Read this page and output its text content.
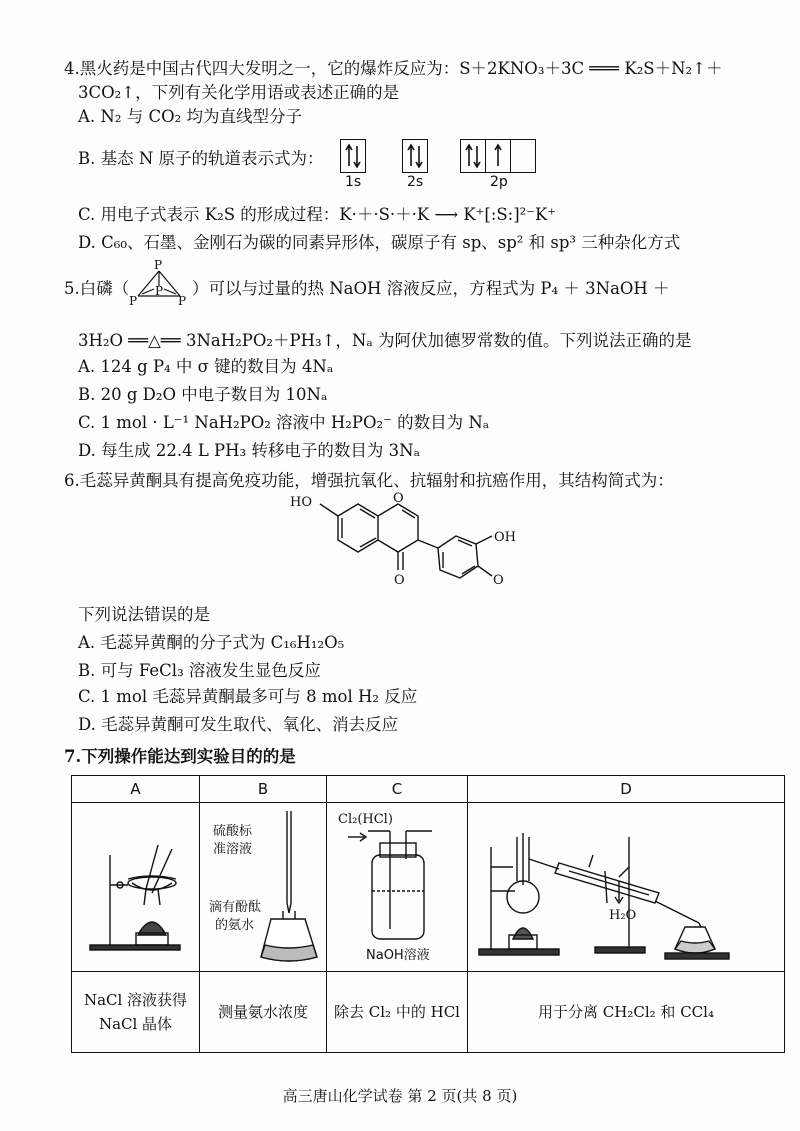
4.黑火药是中国古代四大发明之一，它的爆炸反应为：S＋2KNO₃＋3C ═══ K₂S＋N₂↑＋
3CO₂↑，下列有关化学用语或表述正确的是
A. N₂ 与 CO₂ 均为直线型分子
B. 基态 N 原子的轨道表示式为：
1s	2s	2p
C. 用电子式表示 K₂S 的形成过程：K·＋·S·＋·K ⟶ K⁺[:S:]²⁻K⁺
D. C₆₀、石墨、金刚石为碳的同素异形体，碳原子有 sp、sp² 和 sp³ 三种杂化方式
5.白磷（
P
P	P
P ）可以与过量的热 NaOH 溶液反应，方程式为 P₄ ＋ 3NaOH ＋
3H₂O ══△══ 3NaH₂PO₂＋PH₃↑，Nₐ 为阿伏加德罗常数的值。下列说法正确的是
A. 124 g P₄ 中 σ 键的数目为 4Nₐ
B. 20 g D₂O 中电子数目为 10Nₐ
C. 1 mol · L⁻¹ NaH₂PO₂ 溶液中 H₂PO₂⁻ 的数目为 Nₐ
D. 每生成 22.4 L PH₃ 转移电子的数目为 3Nₐ
6.毛蕊异黄酮具有提高免疫功能，增强抗氧化、抗辐射和抗癌作用，其结构简式为：
HO	O
O
OH
O
下列说法错误的是
A. 毛蕊异黄酮的分子式为 C₁₆H₁₂O₅
B. 可与 FeCl₃ 溶液发生显色反应
C. 1 mol 毛蕊异黄酮最多可与 8 mol H₂ 反应
D. 毛蕊异黄酮可发生取代、氧化、消去反应
7.下列操作能达到实验目的的是
A	B	C	D

硫酸标
准溶液
滴有酚酞
的氨水	Cl₂(HCl)
NaOH溶液	H₂O

NaCl 溶液获得
NaCl 晶体	测量氨水浓度	除去 Cl₂ 中的 HCl	用于分离 CH₂Cl₂ 和 CCl₄
高三唐山化学试卷 第 2 页(共 8 页)
